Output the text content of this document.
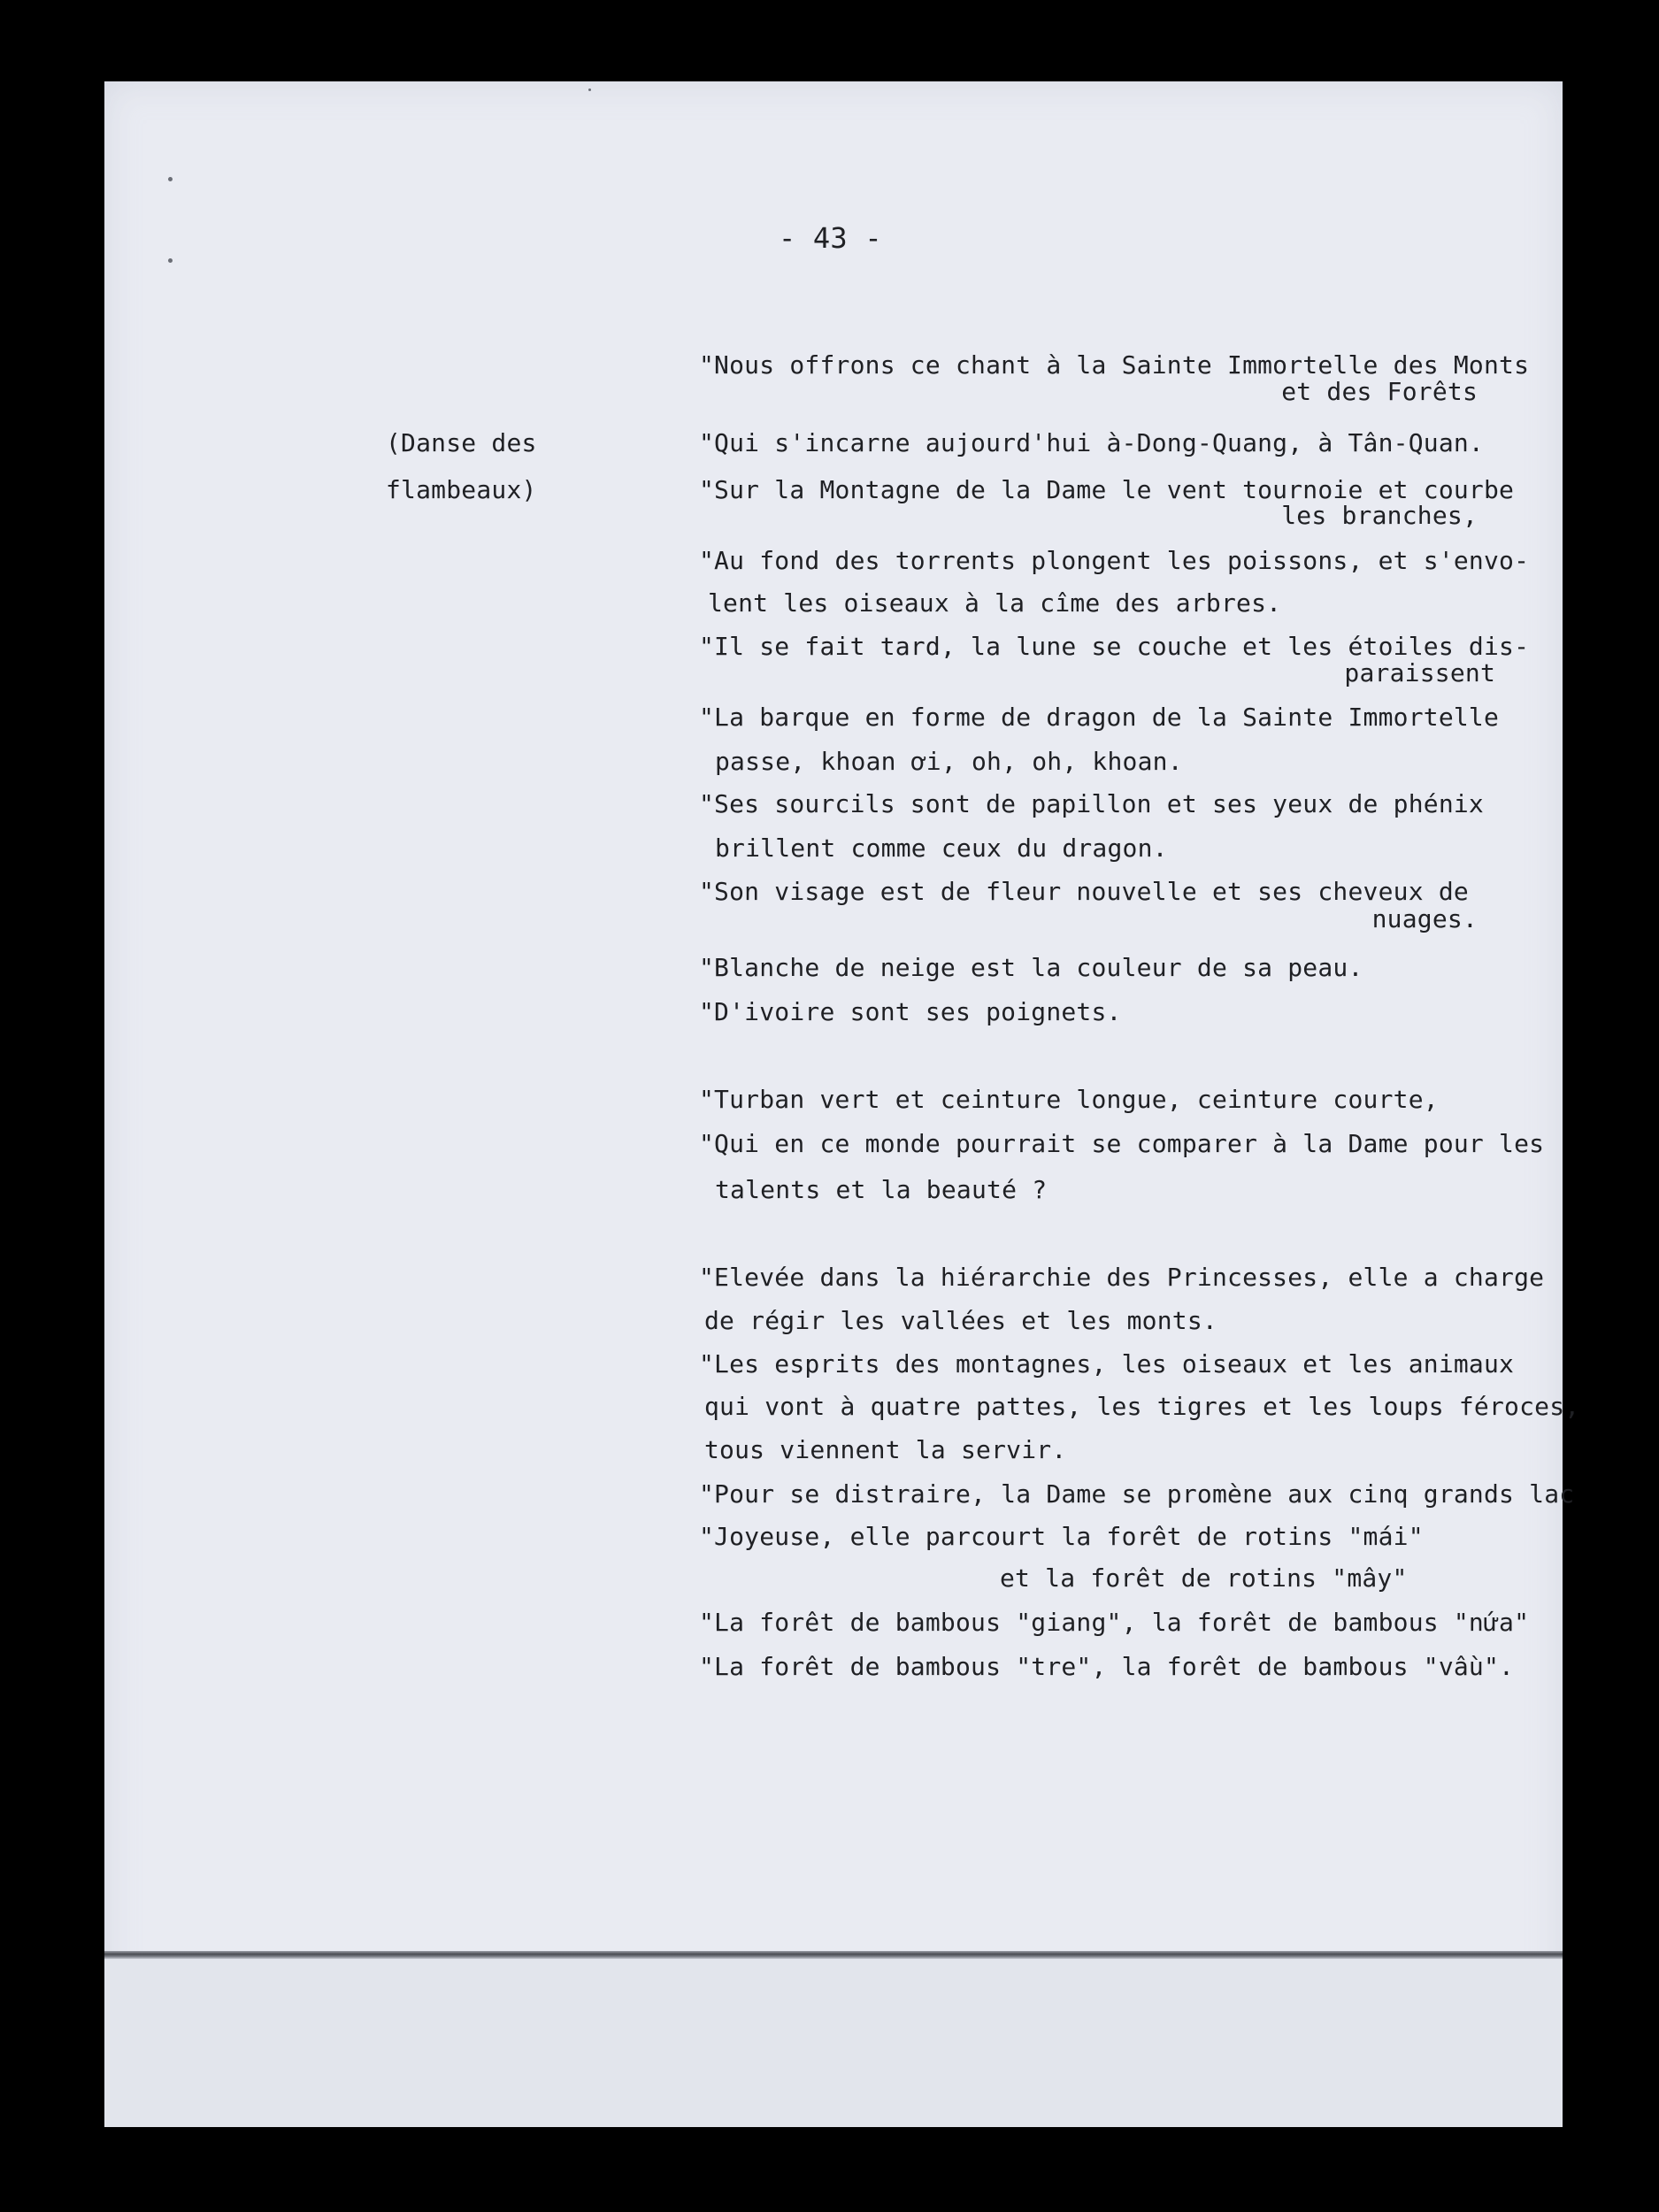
- 43 -
(Danse des
flambeaux)
"Nous offrons ce chant à la Sainte Immortelle des Monts
et des Forêts
"Qui s'incarne aujourd'hui à-Dong-Quang, à Tân-Quan.
"Sur la Montagne de la Dame le vent tournoie et courbe
les branches,
"Au fond des torrents plongent les poissons, et s'envo-
lent les oiseaux à la cîme des arbres.
"Il se fait tard, la lune se couche et les étoiles dis-
paraissent
"La barque en forme de dragon de la Sainte Immortelle
passe, khoan ơi, oh, oh, khoan.
"Ses sourcils sont de papillon et ses yeux de phénix
brillent comme ceux du dragon.
"Son visage est de fleur nouvelle et ses cheveux de
nuages.
"Blanche de neige est la couleur de sa peau.
"D'ivoire sont ses poignets.
"Turban vert et ceinture longue, ceinture courte,
"Qui en ce monde pourrait se comparer à la Dame pour les
talents et la beauté ?
"Elevée dans la hiérarchie des Princesses, elle a charge
de régir les vallées et les monts.
"Les esprits des montagnes, les oiseaux et les animaux
qui vont à quatre pattes, les tigres et les loups féroces,
tous viennent la servir.
"Pour se distraire, la Dame se promène aux cinq grands lac
"Joyeuse, elle parcourt la forêt de rotins "mái"
et la forêt de rotins "mây"
"La forêt de bambous "giang", la forêt de bambous "nứa"
"La forêt de bambous "tre", la forêt de bambous "vầu".
